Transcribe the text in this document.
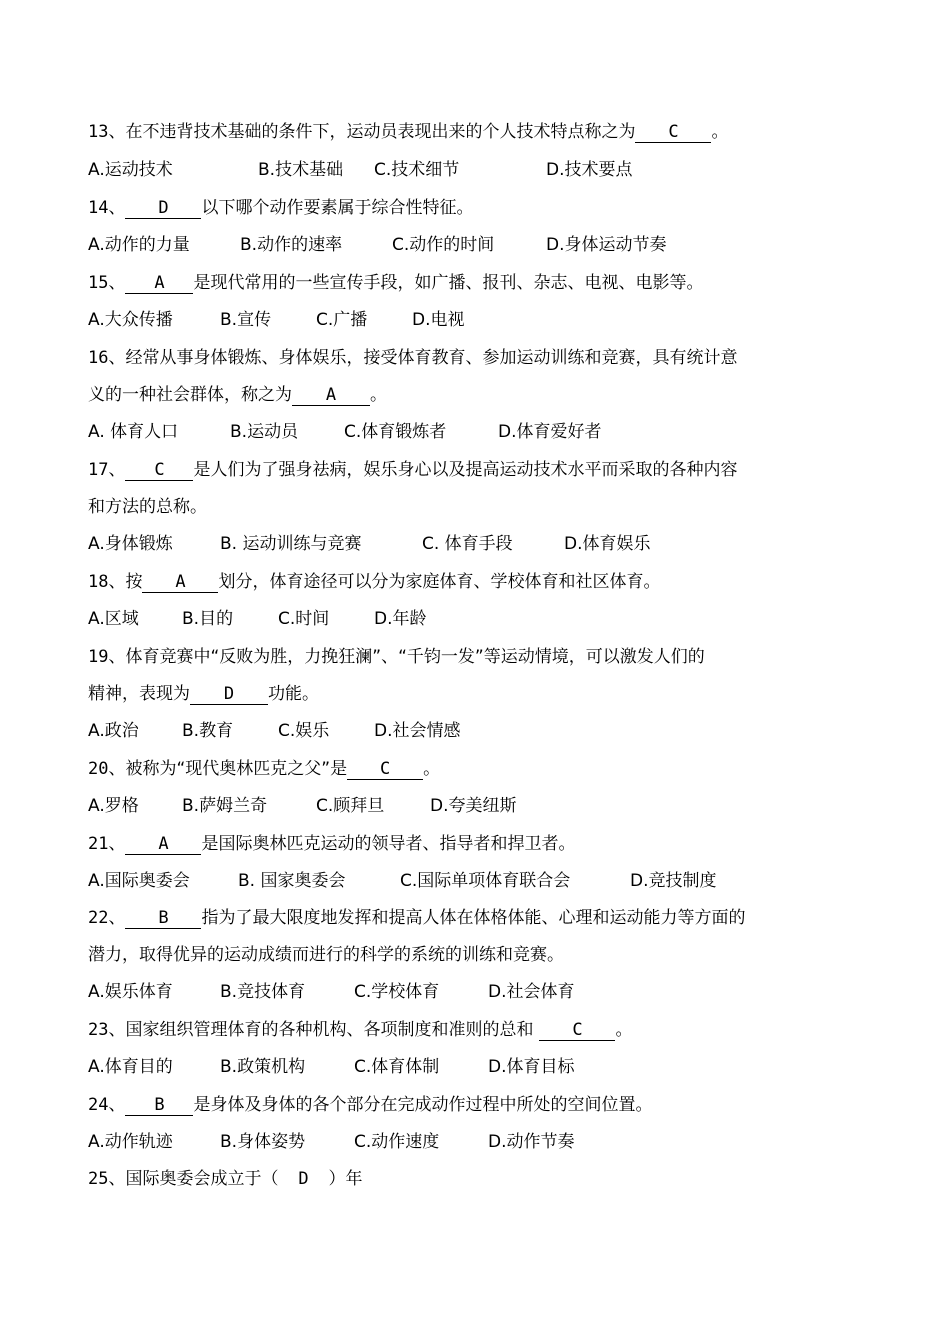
13、在不违背技术基础的条件下，运动员表现出来的个人技术特点称之为 C 。
A.运动技术	B.技术基础 C.技术细节	D.技术要点
14、 D 以下哪个动作要素属于综合性特征。
A.动作的力量	B.动作的速率	C.动作的时间	D.身体运动节奏
15、 A 是现代常用的一些宣传手段，如广播、报刊、杂志、电视、电影等。
A.大众传播	B.宣传	C.广播	D.电视
16、经常从事身体锻炼、身体娱乐，接受体育教育、参加运动训练和竞赛，具有统计意
义的一种社会群体，称之为 A 。
A. 体育人口	B.运动员	C.体育锻炼者	D.体育爱好者
17、 C 是人们为了强身祛病，娱乐身心以及提高运动技术水平而采取的各种内容
和方法的总称。
A.身体锻炼	B. 运动训练与竞赛	C. 体育手段	D.体育娱乐
18、按 A 划分，体育途径可以分为家庭体育、学校体育和社区体育。
A.区域	B.目的	C.时间	D.年龄
19、体育竞赛中“反败为胜，力挽狂澜”、“千钧一发”等运动情境，可以激发人们的
精神，表现为 D 功能。
A.政治	B.教育	C.娱乐	D.社会情感
20、被称为“现代奥林匹克之父”是 C 。
A.罗格	B.萨姆兰奇	C.顾拜旦	D.夸美纽斯
21、 A 是国际奥林匹克运动的领导者、指导者和捍卫者。
A.国际奥委会	B. 国家奥委会	C.国际单项体育联合会	D.竞技制度
22、 B 指为了最大限度地发挥和提高人体在体格体能、心理和运动能力等方面的
潜力，取得优异的运动成绩而进行的科学的系统的训练和竞赛。
A.娱乐体育	B.竞技体育	C.学校体育	D.社会体育
23、国家组织管理体育的各种机构、各项制度和准则的总和 C 。
A.体育目的	B.政策机构	C.体育体制	D.体育目标
24、 B 是身体及身体的各个部分在完成动作过程中所处的空间位置。
A.动作轨迹	B.身体姿势	C.动作速度	D.动作节奏
25、国际奥委会成立于（ D ）年
